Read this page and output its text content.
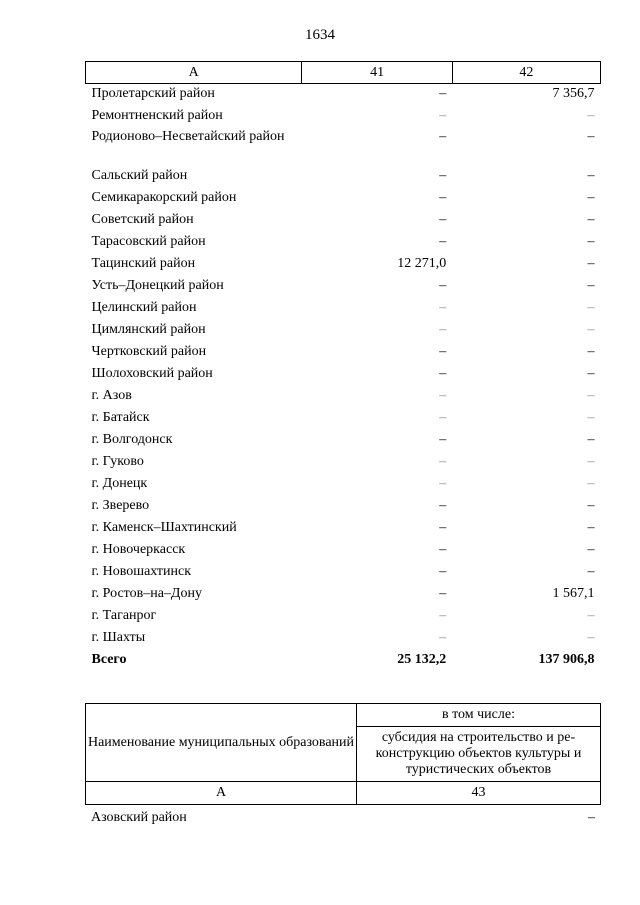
1634
А	41	42
Пролетарский район	–	7 356,7
Ремонтненский район	–	–
Родионово–Несветайский район	–	–
Сальский район	–	–
Семикаракорский район	–	–
Советский район	–	–
Тарасовский район	–	–
Тацинский район	12 271,0	–
Усть–Донецкий район	–	–
Целинский район	–	–
Цимлянский район	–	–
Чертковский район	–	–
Шолоховский район	–	–
г. Азов	–	–
г. Батайск	–	–
г. Волгодонск	–	–
г. Гуково	–	–
г. Донецк	–	–
г. Зверево	–	–
г. Каменск–Шахтинский	–	–
г. Новочеркасск	–	–
г. Новошахтинск	–	–
г. Ростов–на–Дону	–	1 567,1
г. Таганрог	–	–
г. Шахты	–	–
Всего	25 132,2	137 906,8
Наименование муниципальных образований	в том числе:
	субсидия на строительство и ре-конструкцию объектов культуры и туристических объектов
А	43
Азовский район	–
